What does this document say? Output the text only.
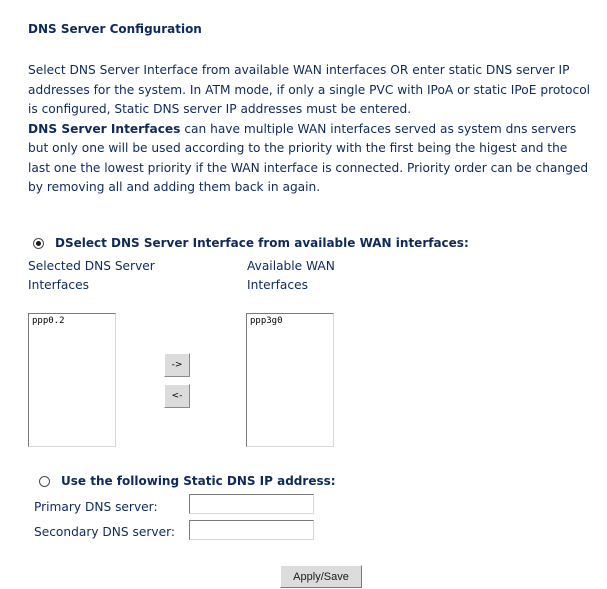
DNS Server Configuration
Select DNS Server Interface from available WAN interfaces OR enter static DNS server IP addresses for the system. In ATM mode, if only a single PVC with IPoA or static IPoE protocol is configured, Static DNS server IP addresses must be entered.
DNS Server Interfaces can have multiple WAN interfaces served as system dns servers but only one will be used according to the priority with the first being the higest and the last one the lowest priority if the WAN interface is connected. Priority order can be changed by removing all and adding them back in again.
DSelect DNS Server Interface from available WAN interfaces:
Selected DNS Server
Interfaces
Available WAN
Interfaces
ppp0.2
->
<-
ppp3g0
Use the following Static DNS IP address:
Primary DNS server:
Secondary DNS server:
Apply/Save
